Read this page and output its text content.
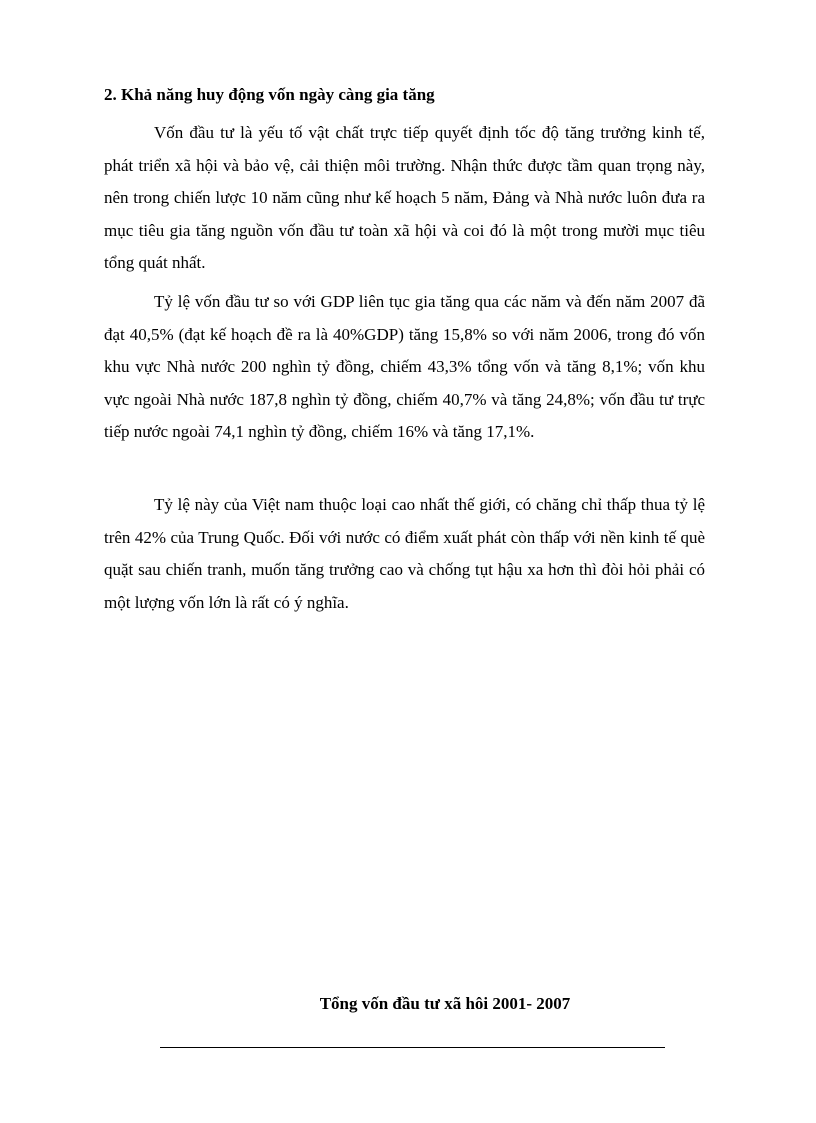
2. Khả năng huy động vốn ngày càng gia tăng

Vốn đầu tư là yếu tố vật chất trực tiếp quyết định tốc độ tăng trưởng kinh tế, phát triển xã hội và bảo vệ, cải thiện môi trường. Nhận thức được tầm quan trọng này, nên trong chiến lược 10 năm cũng như kế hoạch 5 năm, Đảng và Nhà nước luôn đưa ra mục tiêu gia tăng nguồn vốn đầu tư toàn xã hội và coi đó là một trong mười mục tiêu tổng quát nhất.

Tỷ lệ vốn đầu tư so với GDP liên tục gia tăng qua các năm và đến năm 2007 đã đạt 40,5% (đạt kế hoạch đề ra là 40%GDP) tăng 15,8% so với năm 2006, trong đó vốn khu vực Nhà nước 200 nghìn tỷ đồng, chiếm 43,3% tổng vốn và tăng 8,1%; vốn khu vực ngoài Nhà nước 187,8 nghìn tỷ đồng, chiếm 40,7% và tăng 24,8%; vốn đầu tư trực tiếp nước ngoài 74,1 nghìn tỷ đồng, chiếm 16% và tăng 17,1%.

Tỷ lệ này của Việt nam thuộc loại cao nhất thế giới, có chăng chỉ thấp thua tỷ lệ trên 42% của Trung Quốc. Đối với nước có điểm xuất phát còn thấp với nền kinh tế què quặt sau chiến tranh, muốn tăng trưởng cao và chống tụt hậu xa hơn thì đòi hỏi phải có một lượng vốn lớn là rất có ý nghĩa.

Tổng vốn đầu tư xã hôi 2001- 2007
